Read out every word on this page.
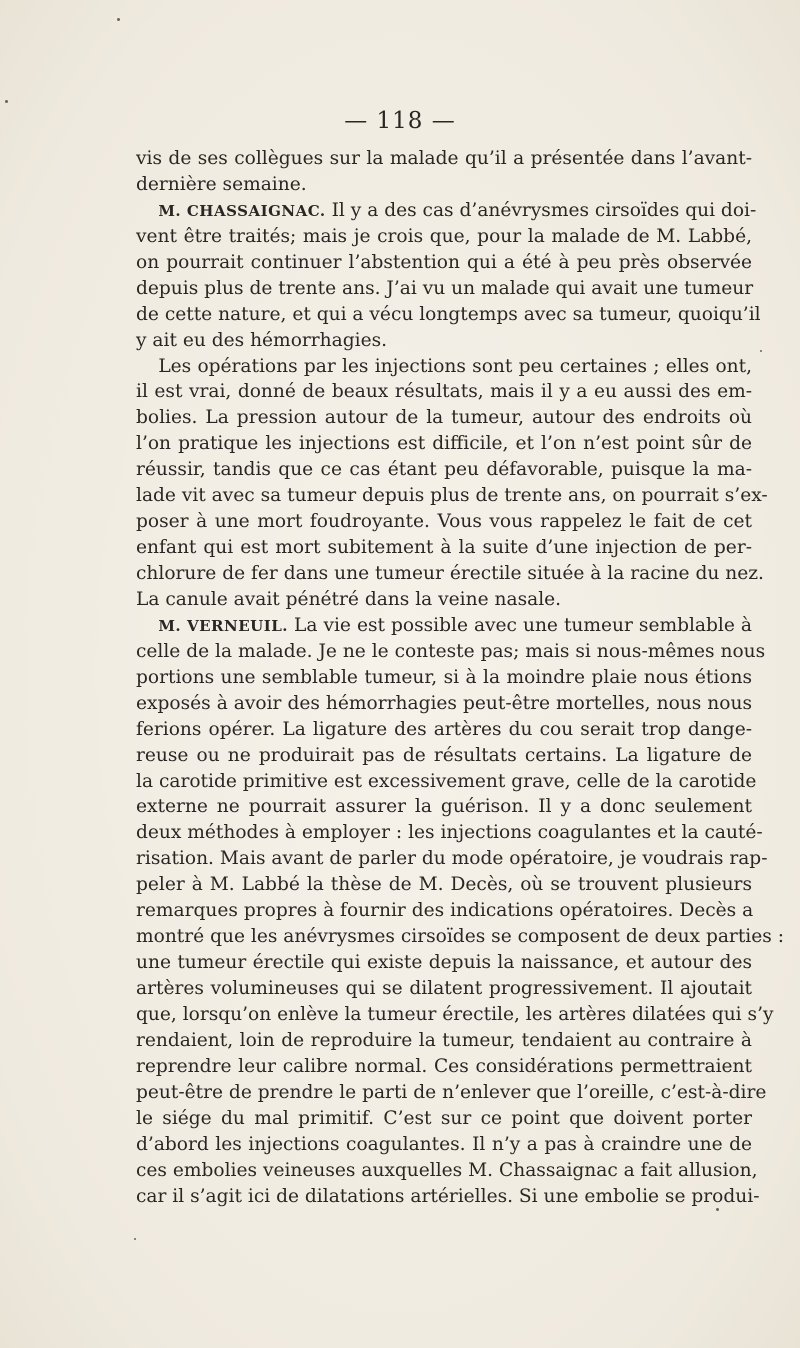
— 118 —
vis de ses collègues sur la malade qu’il a présentée dans l’avant-
dernière semaine.
M. CHASSAIGNAC. Il y a des cas d’anévrysmes cirsoïdes qui doi-
vent être traités; mais je crois que, pour la malade de M. Labbé,
on pourrait continuer l’abstention qui a été à peu près observée
depuis plus de trente ans. J’ai vu un malade qui avait une tumeur
de cette nature, et qui a vécu longtemps avec sa tumeur, quoiqu’il
y ait eu des hémorrhagies.
Les opérations par les injections sont peu certaines ; elles ont,
il est vrai, donné de beaux résultats, mais il y a eu aussi des em-
bolies. La pression autour de la tumeur, autour des endroits où
l’on pratique les injections est difficile, et l’on n’est point sûr de
réussir, tandis que ce cas étant peu défavorable, puisque la ma-
lade vit avec sa tumeur depuis plus de trente ans, on pourrait s’ex-
poser à une mort foudroyante. Vous vous rappelez le fait de cet
enfant qui est mort subitement à la suite d’une injection de per-
chlorure de fer dans une tumeur érectile située à la racine du nez.
La canule avait pénétré dans la veine nasale.
M. VERNEUIL. La vie est possible avec une tumeur semblable à
celle de la malade. Je ne le conteste pas; mais si nous-mêmes nous
portions une semblable tumeur, si à la moindre plaie nous étions
exposés à avoir des hémorrhagies peut-être mortelles, nous nous
ferions opérer. La ligature des artères du cou serait trop dange-
reuse ou ne produirait pas de résultats certains. La ligature de
la carotide primitive est excessivement grave, celle de la carotide
externe ne pourrait assurer la guérison. Il y a donc seulement
deux méthodes à employer : les injections coagulantes et la cauté-
risation. Mais avant de parler du mode opératoire, je voudrais rap-
peler à M. Labbé la thèse de M. Decès, où se trouvent plusieurs
remarques propres à fournir des indications opératoires. Decès a
montré que les anévrysmes cirsoïdes se composent de deux parties :
une tumeur érectile qui existe depuis la naissance, et autour des
artères volumineuses qui se dilatent progressivement. Il ajoutait
que, lorsqu’on enlève la tumeur érectile, les artères dilatées qui s’y
rendaient, loin de reproduire la tumeur, tendaient au contraire à
reprendre leur calibre normal. Ces considérations permettraient
peut-être de prendre le parti de n’enlever que l’oreille, c’est-à-dire
le siége du mal primitif. C’est sur ce point que doivent porter
d’abord les injections coagulantes. Il n’y a pas à craindre une de
ces embolies veineuses auxquelles M. Chassaignac a fait allusion,
car il s’agit ici de dilatations artérielles. Si une embolie se produi-
